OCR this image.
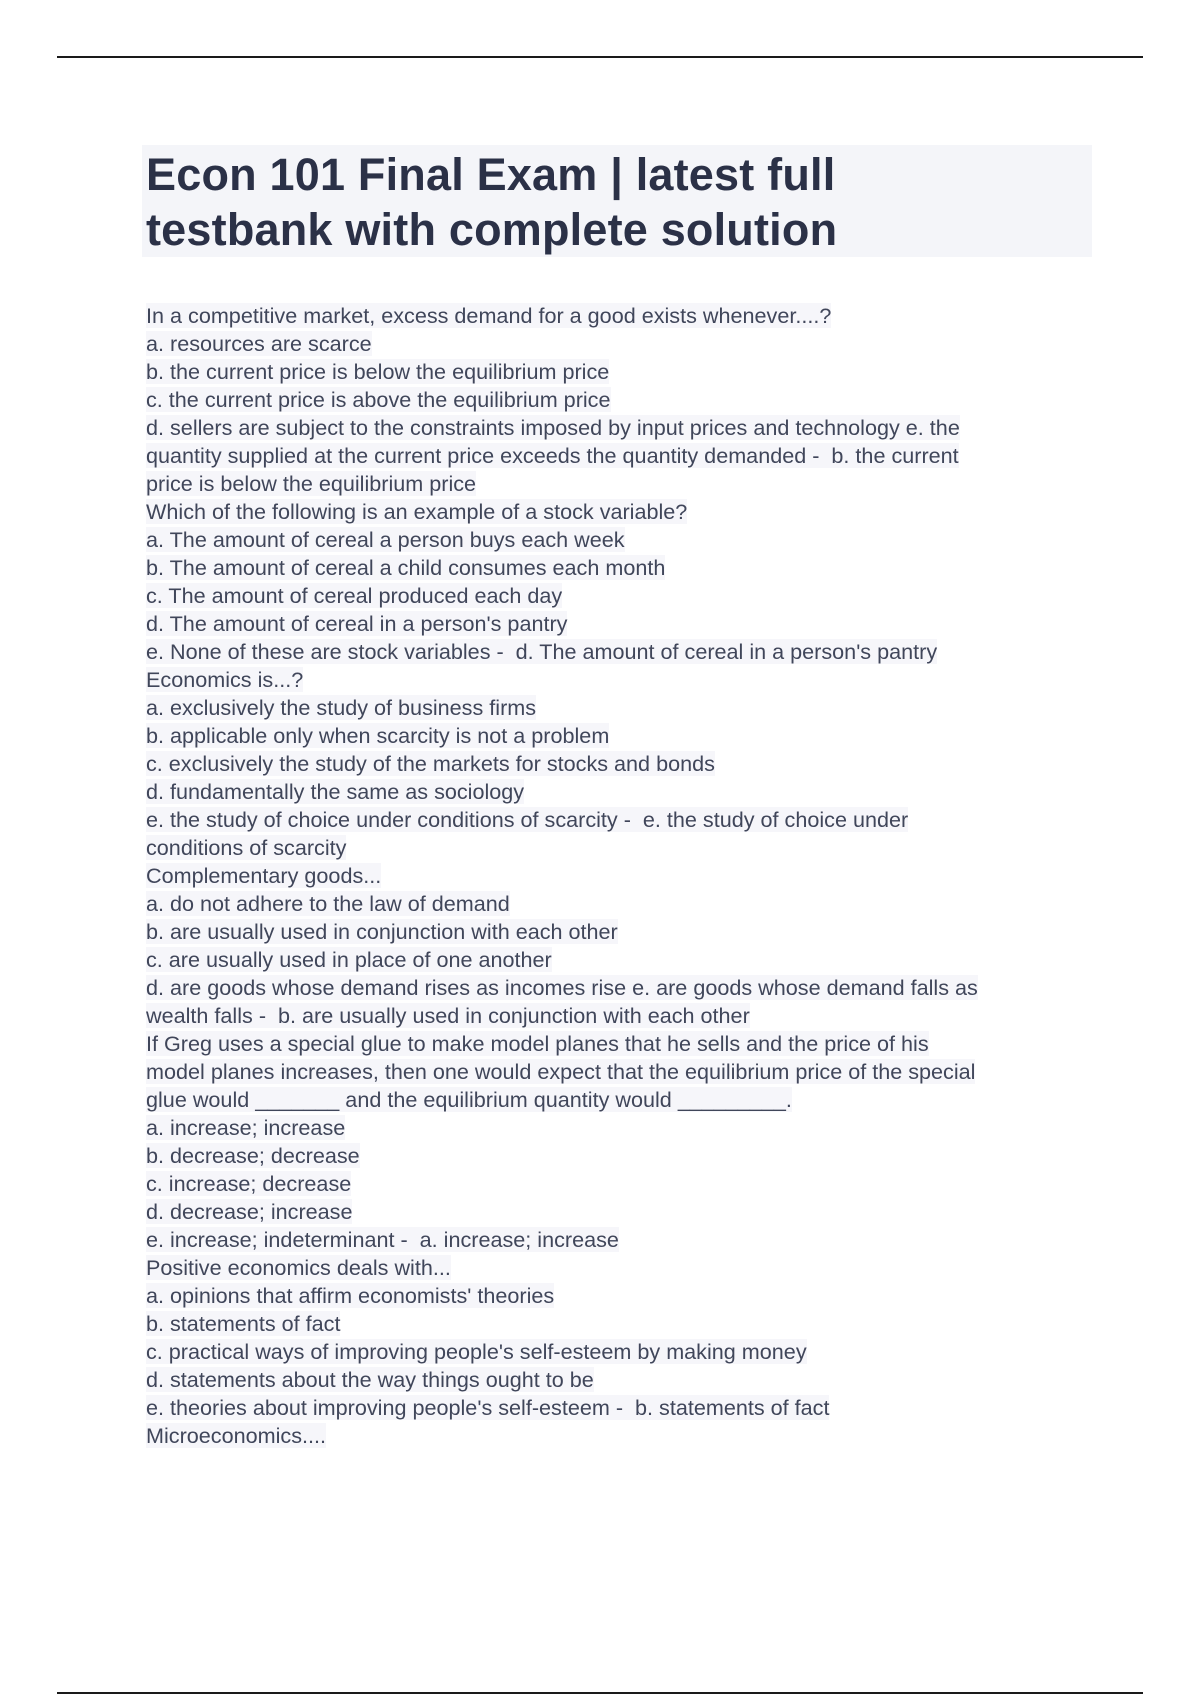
Econ 101 Final Exam | latest full
testbank with complete solution
In a competitive market, excess demand for a good exists whenever....?
a. resources are scarce
b. the current price is below the equilibrium price
c. the current price is above the equilibrium price
d. sellers are subject to the constraints imposed by input prices and technology e. the
quantity supplied at the current price exceeds the quantity demanded -  b. the current
price is below the equilibrium price
Which of the following is an example of a stock variable?
a. The amount of cereal a person buys each week
b. The amount of cereal a child consumes each month
c. The amount of cereal produced each day
d. The amount of cereal in a person's pantry
e. None of these are stock variables -  d. The amount of cereal in a person's pantry
Economics is...?
a. exclusively the study of business firms
b. applicable only when scarcity is not a problem
c. exclusively the study of the markets for stocks and bonds
d. fundamentally the same as sociology
e. the study of choice under conditions of scarcity -  e. the study of choice under
conditions of scarcity
Complementary goods...
a. do not adhere to the law of demand
b. are usually used in conjunction with each other
c. are usually used in place of one another
d. are goods whose demand rises as incomes rise e. are goods whose demand falls as
wealth falls -  b. are usually used in conjunction with each other
If Greg uses a special glue to make model planes that he sells and the price of his
model planes increases, then one would expect that the equilibrium price of the special
glue would _______ and the equilibrium quantity would _________.
a. increase; increase
b. decrease; decrease
c. increase; decrease
d. decrease; increase
e. increase; indeterminant -  a. increase; increase
Positive economics deals with...
a. opinions that affirm economists' theories
b. statements of fact
c. practical ways of improving people's self-esteem by making money
d. statements about the way things ought to be
e. theories about improving people's self-esteem -  b. statements of fact
Microeconomics....
